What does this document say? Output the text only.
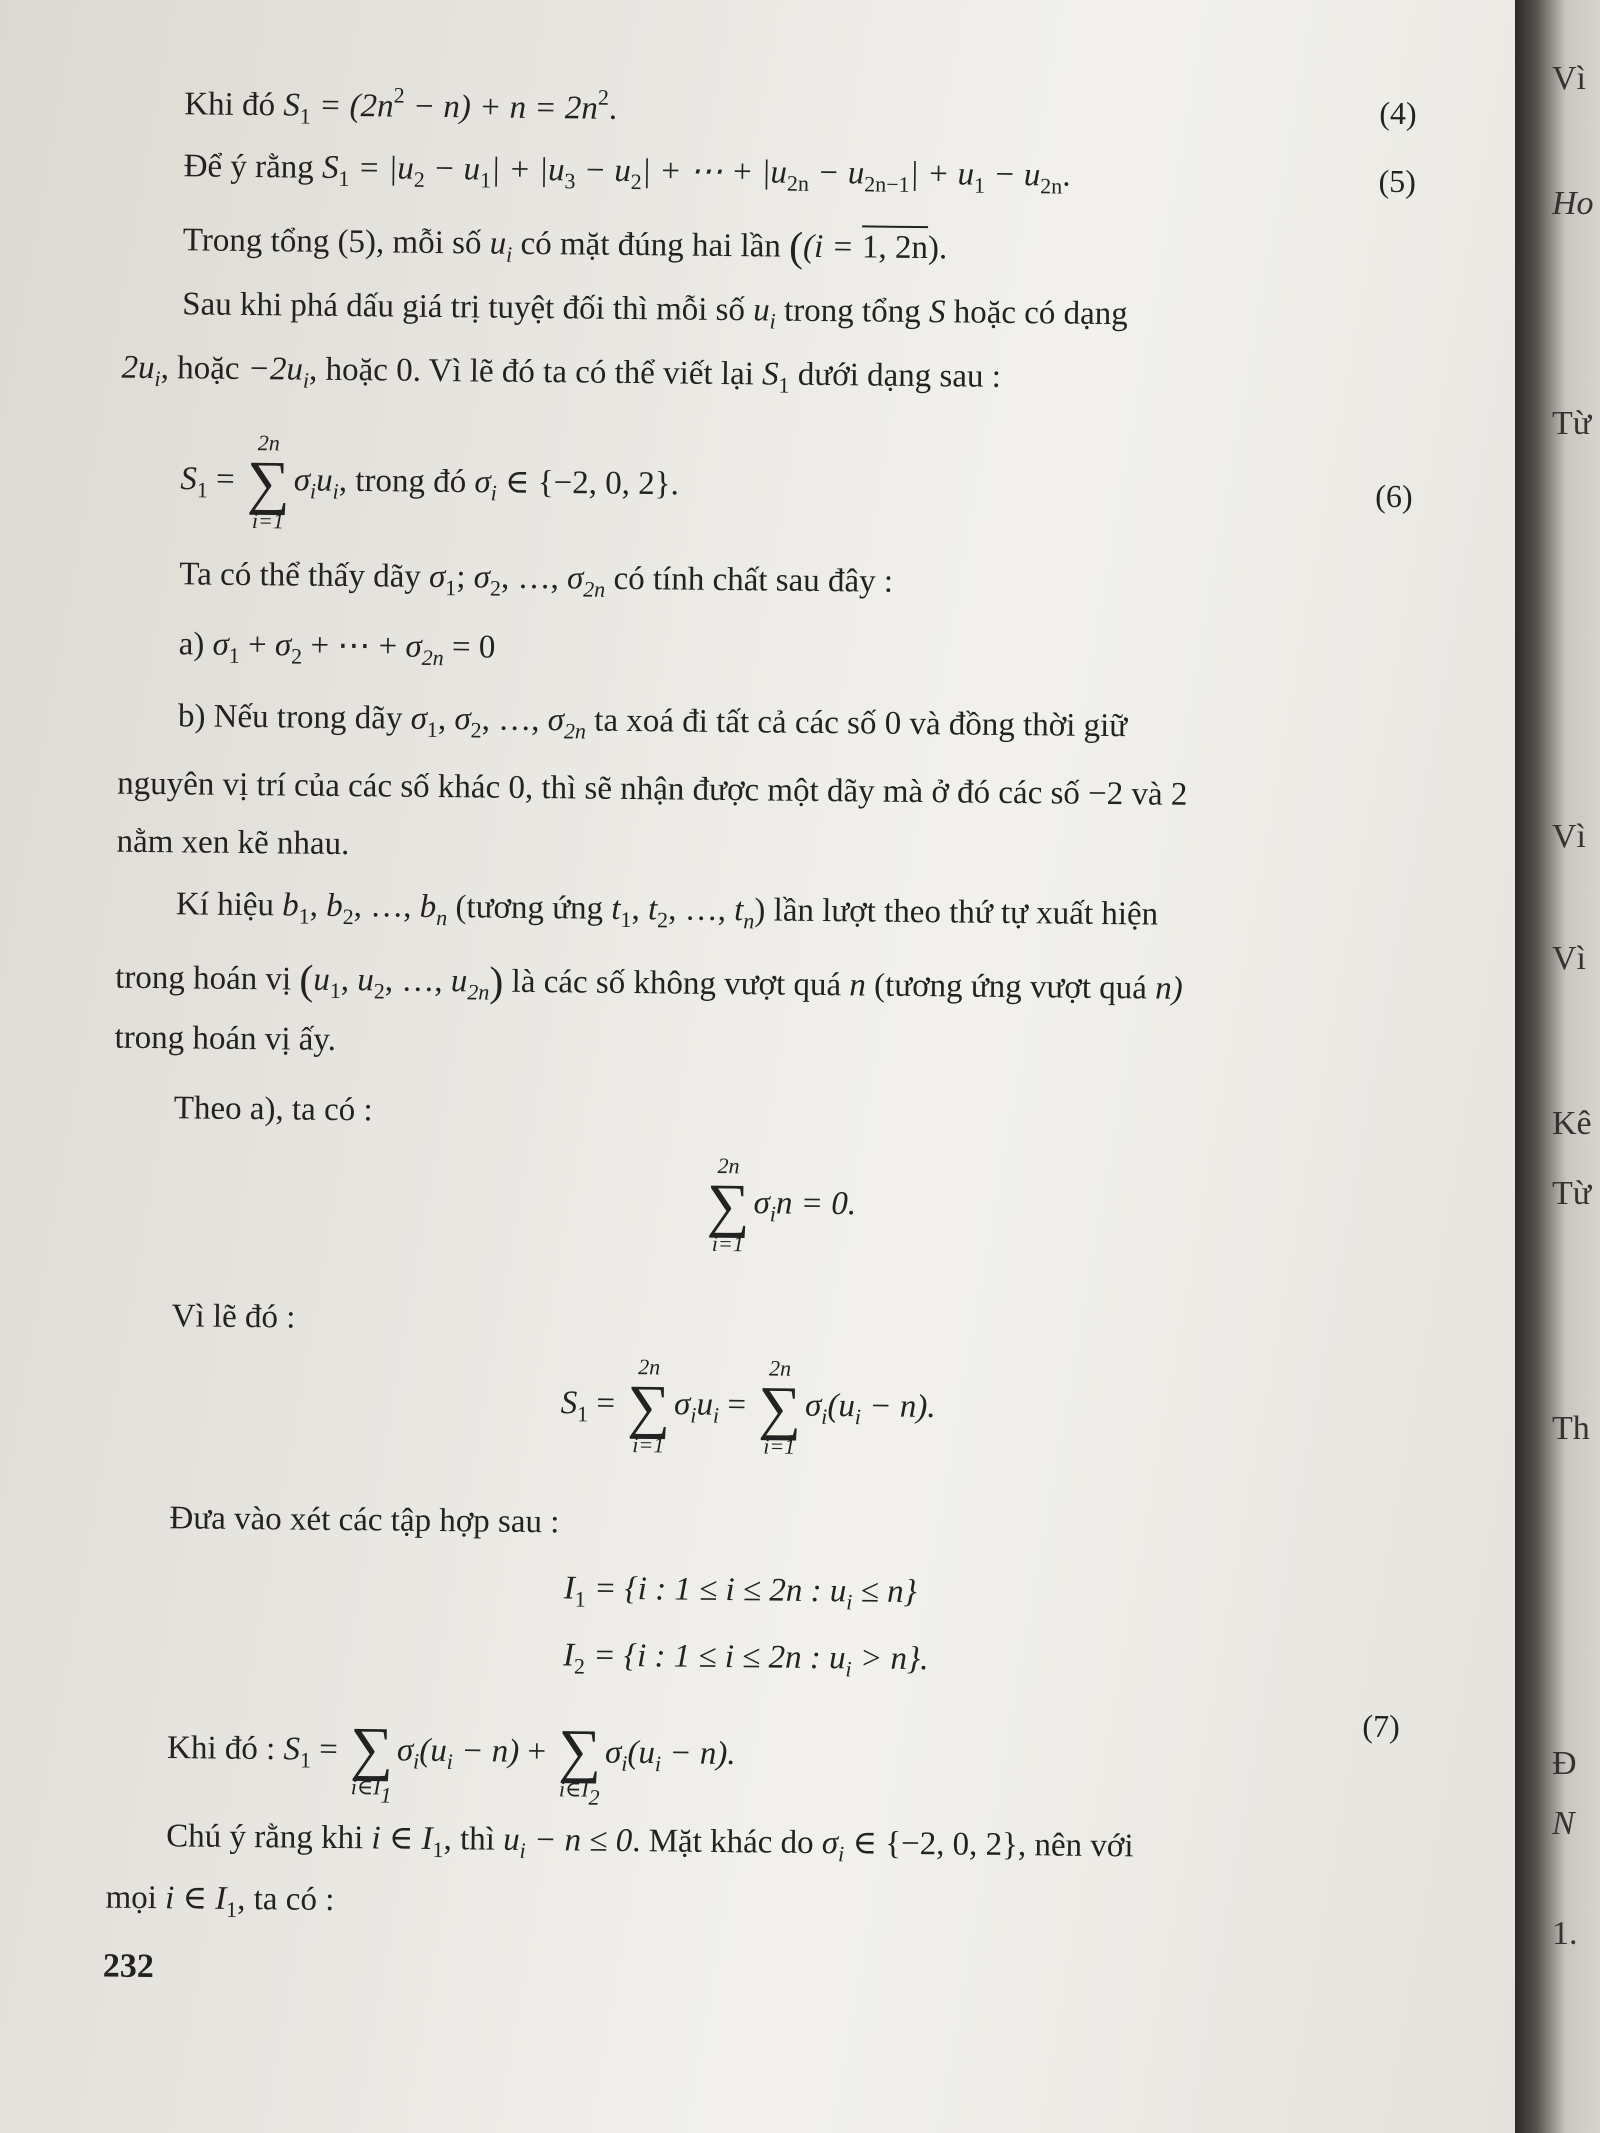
Khi đó $S_1 = (2n^2 - n) + n = 2n^2$.	(4)
Để ý rằng $S_1 = |u_2 - u_1| + |u_3 - u_2|$ + ⋯ + $|u_{2n} - u_{2n-1}| + u_1 - u_{2n}$.	(5)
Trong tổng (5), mỗi số $u_i$ có mặt đúng hai lần ((i = 1, 2n).
Sau khi phá dấu giá trị tuyệt đối thì mỗi số $u_i$ trong tổng S hoặc có dạng
$2u_i$, hoặc $-2u_i$, hoặc 0. Vì lẽ đó ta có thể viết lại $S_1$ dưới dạng sau :
$S_1$ =
2n
∑
i=1
$\sigma_iu_i$, trong đó $\sigma_i$ ∈ {−2, 0, 2}.	(6)
Ta có thể thấy dãy $\sigma_1$; $\sigma_2$, …, $\sigma_{2n}$ có tính chất sau đây :
a) $\sigma_1 + \sigma_2$ + ⋯ + $\sigma_{2n} = 0$
b) Nếu trong dãy $\sigma_1$, $\sigma_2$, …, $\sigma_{2n}$ ta xoá đi tất cả các số 0 và đồng thời giữ
nguyên vị trí của các số khác 0, thì sẽ nhận được một dãy mà ở đó các số −2 và 2
nằm xen kẽ nhau.
Kí hiệu $b_1$, $b_2$, …, $b_n$ (tương ứng $t_1$, $t_2$, …, $t_n$) lần lượt theo thứ tự xuất hiện
trong hoán vị ($u_1$, $u_2$, …, $u_{2n}$) là các số không vượt quá n (tương ứng vượt quá n)
trong hoán vị ấy.
Theo a), ta có :
2n
∑
i=1
$\sigma_in = 0$.
Vì lẽ đó :
$S_1$ =
2n
∑
i=1
$\sigma_iu_i$ =
2n
∑
i=1
$\sigma_i(u_i - n)$.
Đưa vào xét các tập hợp sau :
$I_1 = \{i$ : 1 ≤ i ≤ 2n : $u_i \le n$}
$I_2 = \{i$ : 1 ≤ i ≤ 2n : $u_i > n$}.
Khi đó : $S_1$ =
∑
i∈I1
$\sigma_i(u_i - n)$ +
∑
i∈I2
$\sigma_i(u_i - n)$.
(7)
Chú ý rằng khi i ∈ $I_1$, thì $u_i - n \le 0$. Mặt khác do $\sigma_i$ ∈ {−2, 0, 2}, nên với
mọi i ∈ $I_1$, ta có :
232
Vì
Ho
Từ
Vì
Vì
Kê
Từ
Th
Đ
N
1.
